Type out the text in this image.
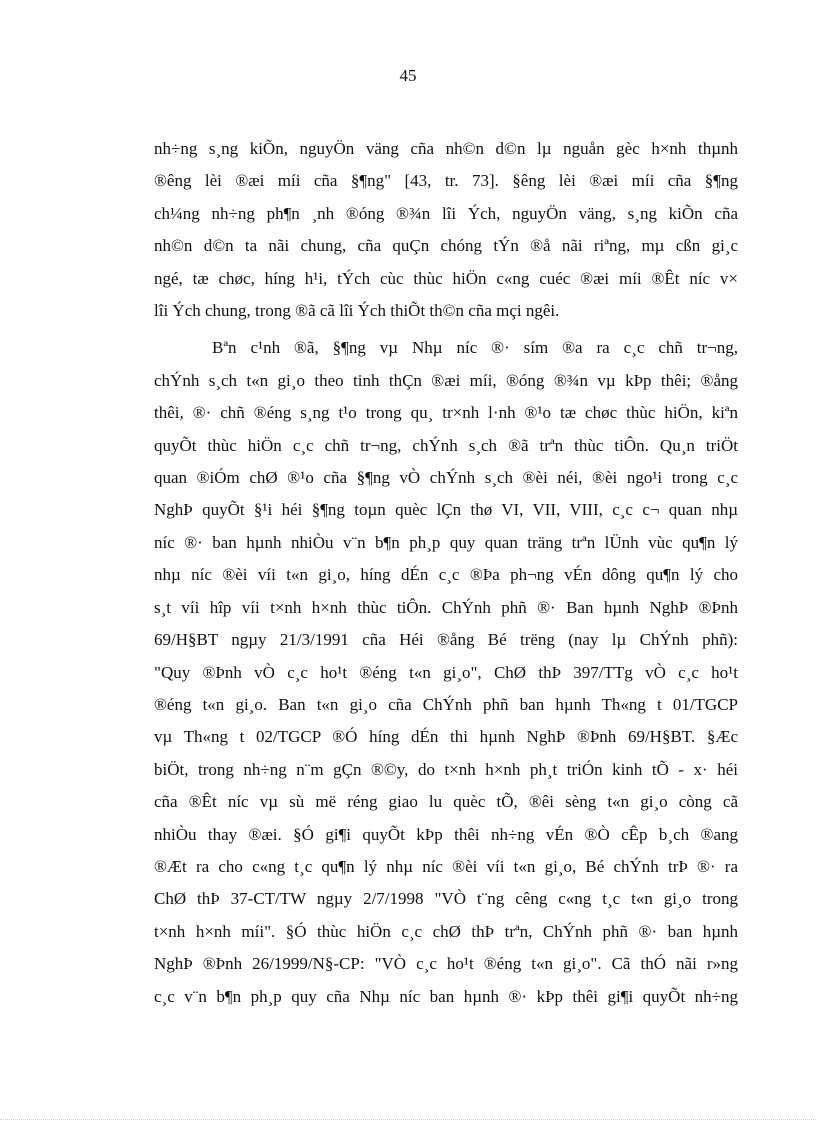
45

nh÷ng s¸ng kiÕn, nguyÖn väng cña nh©n d©n lµ nguån gèc h×nh thµnh
®êng lèi ®æi míi cña §¶ng" [43, tr. 73]. §êng lèi ®æi míi cña §¶ng
ch¼ng nh÷ng ph¶n ¸nh ®óng ®¾n lîi Ých, nguyÖn väng, s¸ng kiÕn cña
nh©n d©n ta nãi chung, cña quÇn chóng tÝn ®å nãi riªng, mµ cßn gi¸c
ngé, tæ chøc, híng h¹i, tÝch cùc thùc hiÖn c«ng cuéc ®æi míi ®Êt níc v×
lîi Ých chung, trong ®ã cã lîi Ých thiÕt th©n cña mçi ngêi.

Bªn c¹nh ®ã, §¶ng vµ Nhµ níc ®· sím ®a ra c¸c chñ tr¬ng,
chÝnh s¸ch t«n gi¸o theo tinh thÇn ®æi míi, ®óng ®¾n vµ kÞp thêi; ®ång
thêi, ®· chñ ®éng s¸ng t¹o trong qu¸ tr×nh l·nh ®¹o tæ chøc thùc hiÖn, kiªn
quyÕt thùc hiÖn c¸c chñ tr¬ng, chÝnh s¸ch ®ã trªn thùc tiÔn. Qu¸n triÖt
quan ®iÓm chØ ®¹o cña §¶ng vÒ chÝnh s¸ch ®èi néi, ®èi ngo¹i trong c¸c
NghÞ quyÕt §¹i héi §¶ng toµn quèc lÇn thø VI, VII, VIII, c¸c c¬ quan nhµ
níc ®· ban hµnh nhiÒu v¨n b¶n ph¸p quy quan träng trªn lÜnh vùc qu¶n lý
nhµ níc ®èi víi t«n gi¸o, híng dÉn c¸c ®Þa ph¬ng vÉn dông qu¶n lý cho
s¸t víi hîp víi t×nh h×nh thùc tiÔn. ChÝnh phñ ®· Ban hµnh NghÞ ®Þnh
69/H§BT ngµy 21/3/1991 cña Héi ®ång Bé trëng (nay lµ ChÝnh phñ):
"Quy ®Þnh vÒ c¸c ho¹t ®éng t«n gi¸o", ChØ thÞ 397/TTg vÒ c¸c ho¹t
®éng t«n gi¸o. Ban t«n gi¸o cña ChÝnh phñ ban hµnh Th«ng t 01/TGCP
vµ Th«ng t 02/TGCP ®Ó híng dÉn thi hµnh NghÞ ®Þnh 69/H§BT. §Æc
biÖt, trong nh÷ng n¨m gÇn ®©y, do t×nh h×nh ph¸t triÓn kinh tÕ - x· héi
cña ®Êt níc vµ sù më réng giao lu quèc tÕ, ®êi sèng t«n gi¸o còng cã
nhiÒu thay ®æi. §Ó gi¶i quyÕt kÞp thêi nh÷ng vÉn ®Ò cÊp b¸ch ®ang
®Æt ra cho c«ng t¸c qu¶n lý nhµ níc ®èi víi t«n gi¸o, Bé chÝnh trÞ ®· ra
ChØ thÞ 37-CT/TW ngµy 2/7/1998 "VÒ t¨ng cêng c«ng t¸c t«n gi¸o trong
t×nh h×nh míi". §Ó thùc hiÖn c¸c chØ thÞ trªn, ChÝnh phñ ®· ban hµnh
NghÞ ®Þnh 26/1999/N§-CP: "VÒ c¸c ho¹t ®éng t«n gi¸o". Cã thÓ nãi r»ng
c¸c v¨n b¶n ph¸p quy cña Nhµ níc ban hµnh ®· kÞp thêi gi¶i quyÕt nh÷ng
